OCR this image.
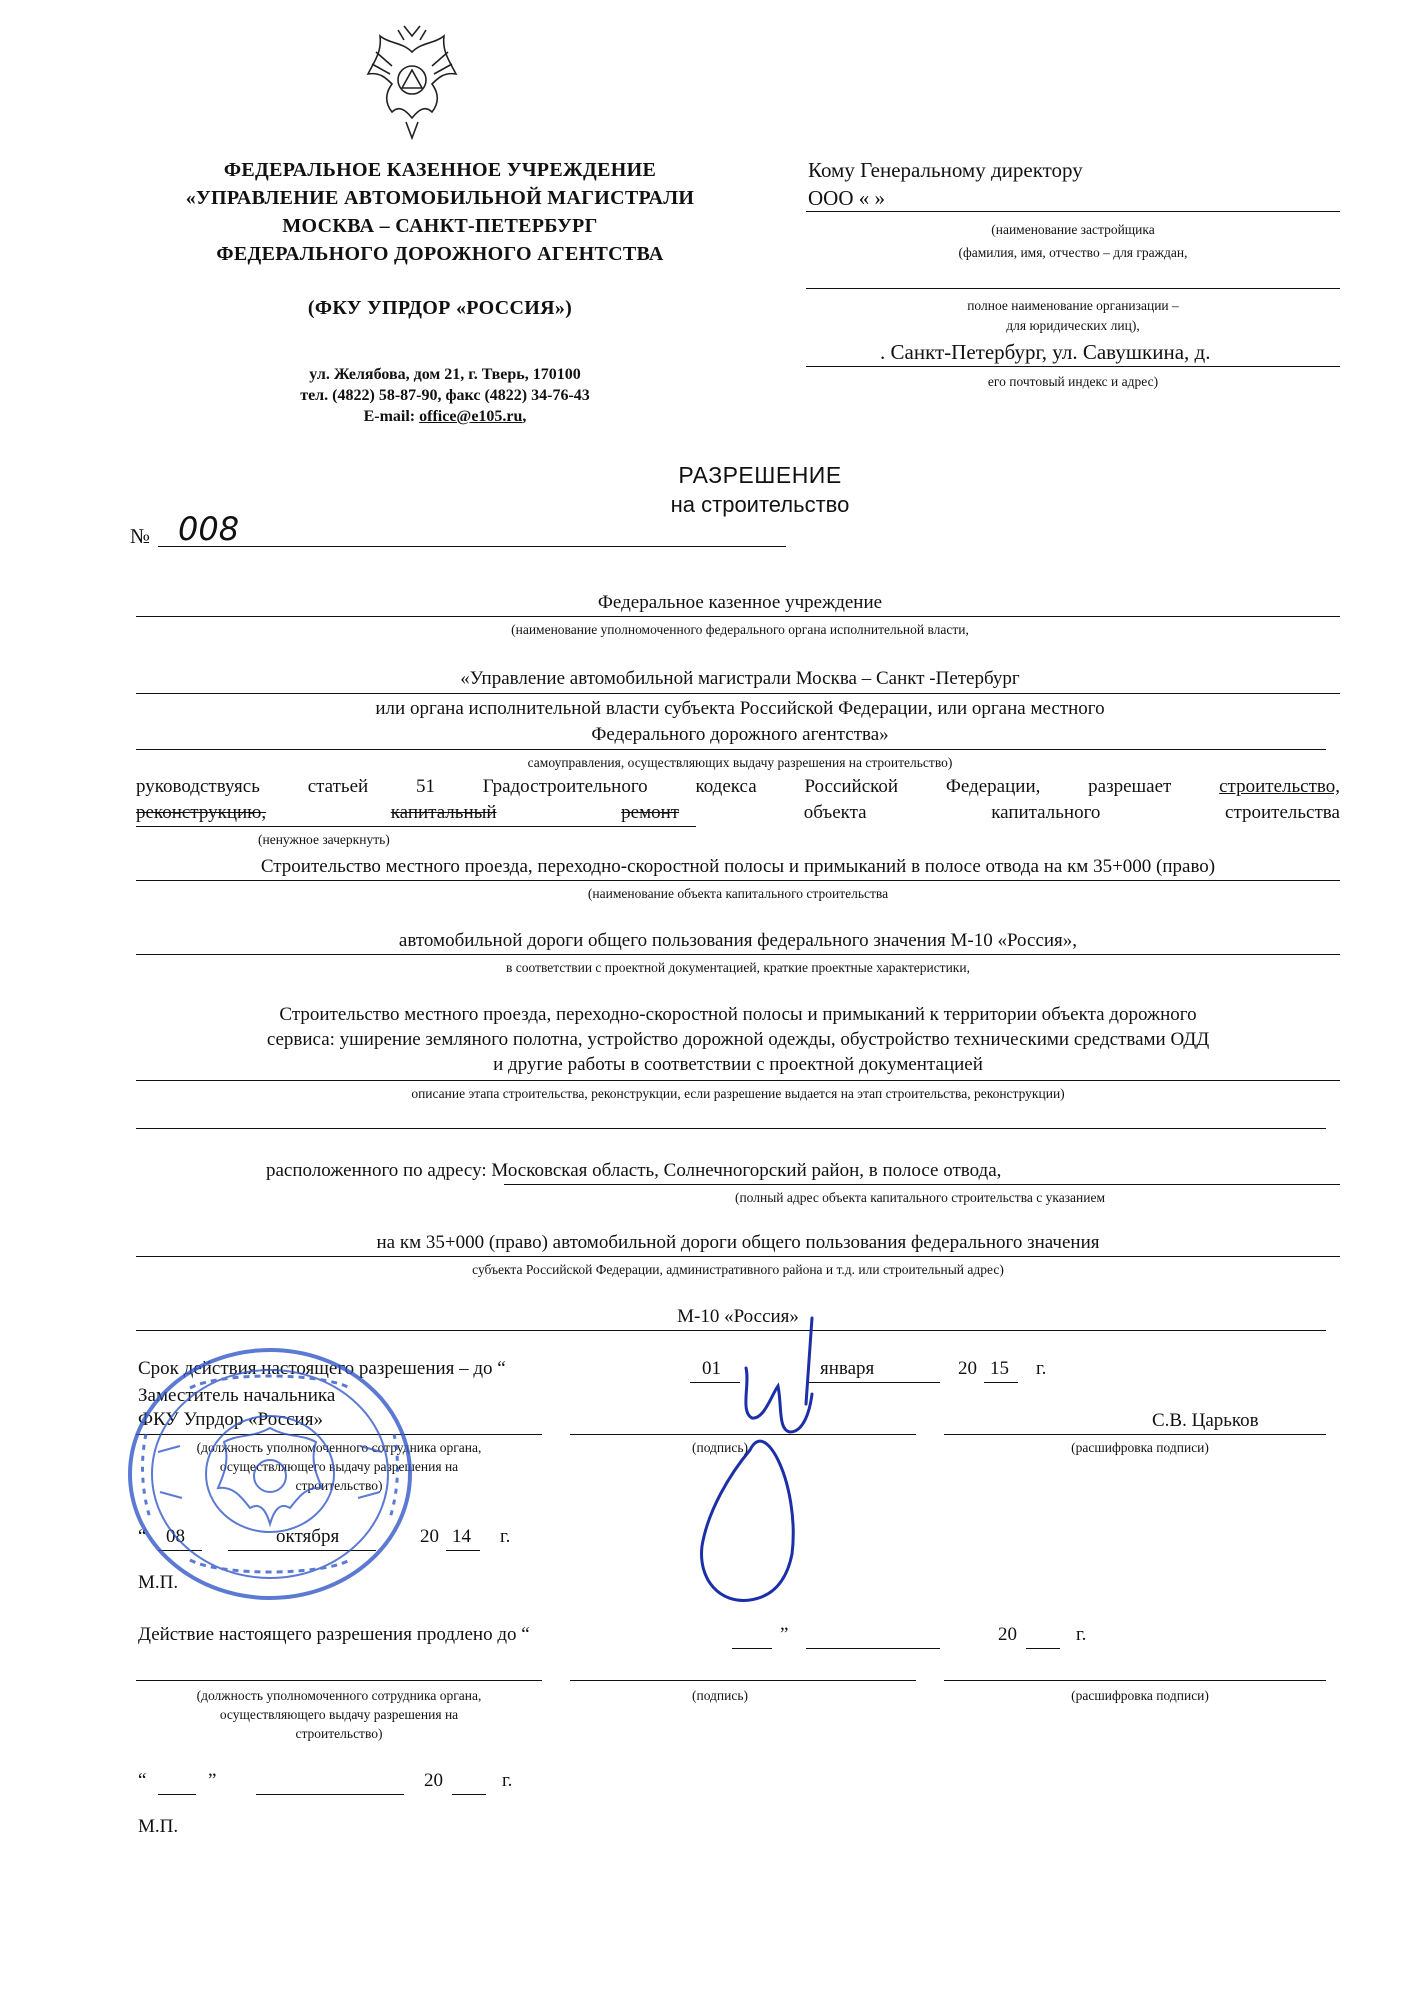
ФЕДЕРАЛЬНОЕ КАЗЕННОЕ УЧРЕЖДЕНИЕ
«УПРАВЛЕНИЕ АВТОМОБИЛЬНОЙ МАГИСТРАЛИ
МОСКВА – САНКТ-ПЕТЕРБУРГ
ФЕДЕРАЛЬНОГО ДОРОЖНОГО АГЕНТСТВА
(ФКУ УПРДОР «РОССИЯ»)
ул. Желябова, дом 21, г. Тверь, 170100
тел. (4822) 58-87-90, факс (4822) 34-76-43
E-mail: office@e105.ru,
Кому Генеральному директору
ООО « »
(наименование застройщика
(фамилия, имя, отчество – для граждан,
полное наименование организации –
для юридических лиц),
. Санкт-Петербург, ул. Савушкина, д.
его почтовый индекс и адрес)
РАЗРЕШЕНИЕ
на строительство
№ 008
Федеральное казенное учреждение
(наименование уполномоченного федерального органа исполнительной власти,
«Управление автомобильной магистрали Москва – Санкт -Петербург
или органа исполнительной власти субъекта Российской Федерации, или органа местного
Федерального дорожного агентства»
самоуправления, осуществляющих выдачу разрешения на строительство)
руководствуясь	статьей	51	Градостроительного	кодекса	Российской	Федерации,	разрешает	строительство,
реконструкцию,	капитальный	ремонт	объекта	капитального	строительства
(ненужное зачеркнуть)
Строительство местного проезда, переходно-скоростной полосы и примыканий в полосе отвода на км 35+000 (право)
(наименование объекта капитального строительства
автомобильной дороги общего пользования федерального значения М-10 «Россия»,
в соответствии с проектной документацией, краткие проектные характеристики,
Строительство местного проезда, переходно-скоростной полосы и примыканий к территории объекта дорожного
сервиса: уширение земляного полотна, устройство дорожной одежды, обустройство техническими средствами ОДД
и другие работы в соответствии с проектной документацией
описание этапа строительства, реконструкции, если разрешение выдается на этап строительства, реконструкции)
расположенного по адресу: Московская область, Солнечногорский район, в полосе отвода,
(полный адрес объекта капитального строительства с указанием
на км 35+000 (право) автомобильной дороги общего пользования федерального значения
субъекта Российской Федерации, административного района и т.д. или строительный адрес)
М-10 «Россия»
Срок действия настоящего разрешения – до “	01	января	20 15 г.
Заместитель начальника
ФКУ Упрдор «Россия»	С.В. Царьков
(должность уполномоченного сотрудника органа,
осуществляющего выдачу разрешения на
строительство)
(подпись)	(расшифровка подписи)
“ 08	октября	20 14 г.
М.П.
Действие настоящего разрешения продлено до “	”	20	г.
(должность уполномоченного сотрудника органа,
осуществляющего выдачу разрешения на
строительство)
(подпись)	(расшифровка подписи)
“	”	20	г.
М.П.
